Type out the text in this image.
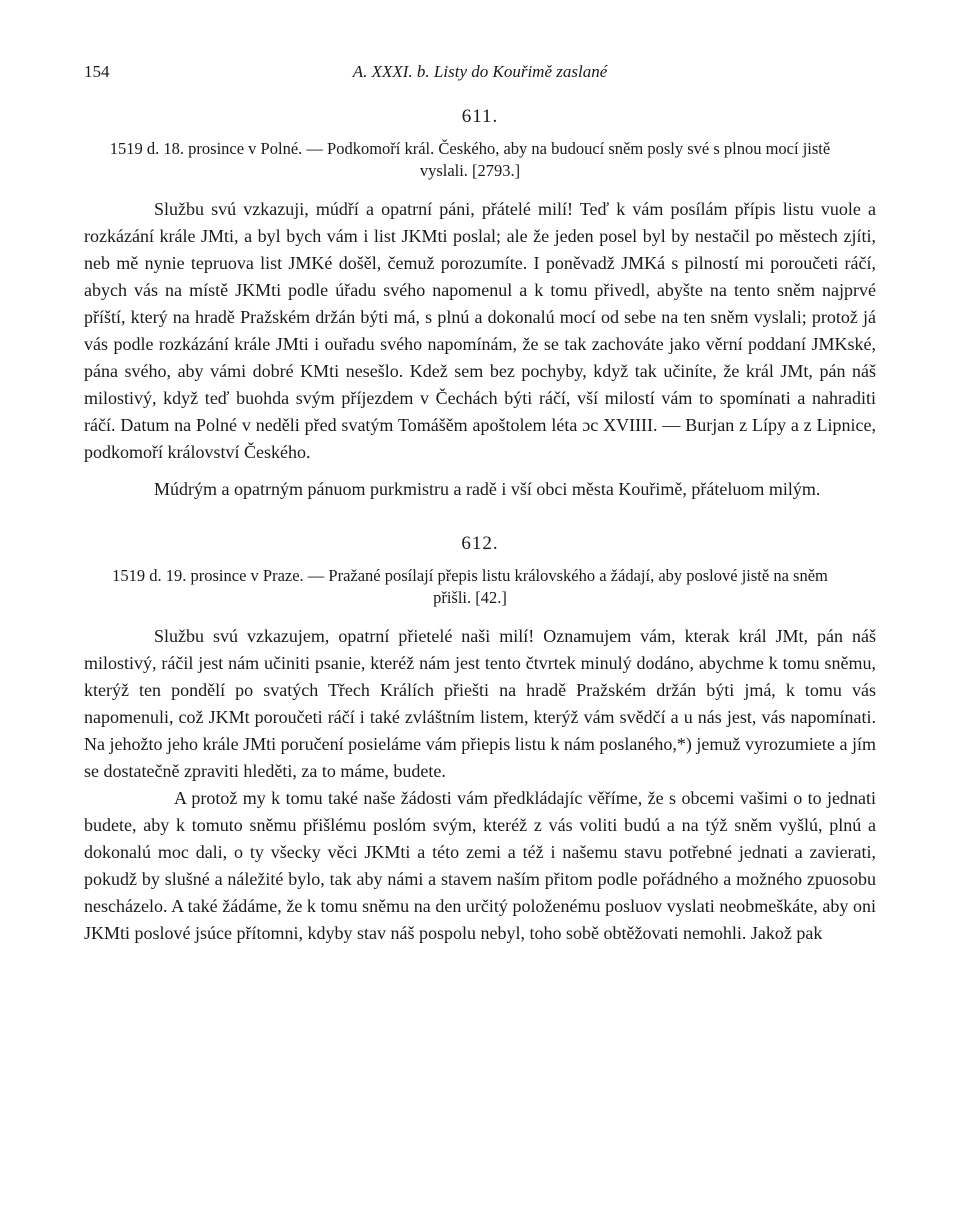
154	A. XXXI. b. Listy do Kouřimě zaslané
611.
1519 d. 18. prosince v Polné. — Podkomoří král. Českého, aby na budoucí sněm posly své s plnou mocí jistě vyslali. [2793.]

Službu svú vzkazuji, múdří a opatrní páni, přátelé milí! Teď k vám posílám přípis listu vuole a rozkázání krále JMti, a byl bych vám i list JKMti poslal; ale že jeden posel byl by nestačil po městech zjíti, neb mě nynie tepruova list JMKé došěl, čemuž porozumíte. I poněvadž JMKá s pilností mi poroučeti ráčí, abych vás na místě JKMti podle úřadu svého napomenul a k tomu přivedl, abyšte na tento sněm najprvé příští, který na hradě Pražském držán býti má, s plnú a dokonalú mocí od sebe na ten sněm vyslali; protož já vás podle rozkázání krále JMti i ouřadu svého napomínám, že se tak zachováte jako věrní poddaní JMKské, pána svého, aby vámi dobré KMti nesešlo. Kdež sem bez pochyby, když tak učiníte, že král JMt, pán náš milostivý, když teď buohda svým příjezdem v Čechách býti ráčí, vší milostí vám to spomínati a nahraditi ráčí. Datum na Polné v neděli před svatým Tomášěm apoštolem léta ɔc XVIIII. — Burjan z Lípy a z Lipnice, podkomoří království Českého.

Múdrým a opatrným pánuom purkmistru a radě i vší obci města Kouřimě, přáteluom milým.

612.
1519 d. 19. prosince v Praze. — Pražané posílají přepis listu královského a žádají, aby poslové jistě na sněm přišli. [42.]

Službu svú vzkazujem, opatrní přietelé naši milí! Oznamujem vám, kterak král JMt, pán náš milostivý, ráčil jest nám učiniti psanie, kteréž nám jest tento čtvrtek minulý dodáno, abychme k tomu sněmu, kterýž ten pondělí po svatých Třech Králích přiešti na hradě Pražském držán býti jmá, k tomu vás napomenuli, což JKMt poroučeti ráčí i také zvláštním listem, kterýž vám svědčí a u nás jest, vás napomínati. Na jehožto jeho krále JMti poručení posieláme vám přiepis listu k nám poslaného,*) jemuž vyrozumiete a jím se dostatečně zpraviti hleděti, za to máme, budete.

A protož my k tomu také naše žádosti vám předkládajíc věříme, že s obcemi vašimi o to jednati budete, aby k tomuto sněmu přišlému poslóm svým, kteréž z vás voliti budú a na týž sněm vyšlú, plnú a dokonalú moc dali, o ty všecky věci JKMti a této zemi a též i našemu stavu potřebné jednati a zavierati, pokudž by slušné a náležité bylo, tak aby námi a stavem naším přitom podle pořádného a možného zpuosobu nescházelo. A také žádáme, že k tomu sněmu na den určitý položenému posluov vyslati neobmeškáte, aby oni JKMti poslové jsúce přítomni, kdyby stav náš pospolu nebyl, toho sobě obtěžovati nemohli. Jakož pak
